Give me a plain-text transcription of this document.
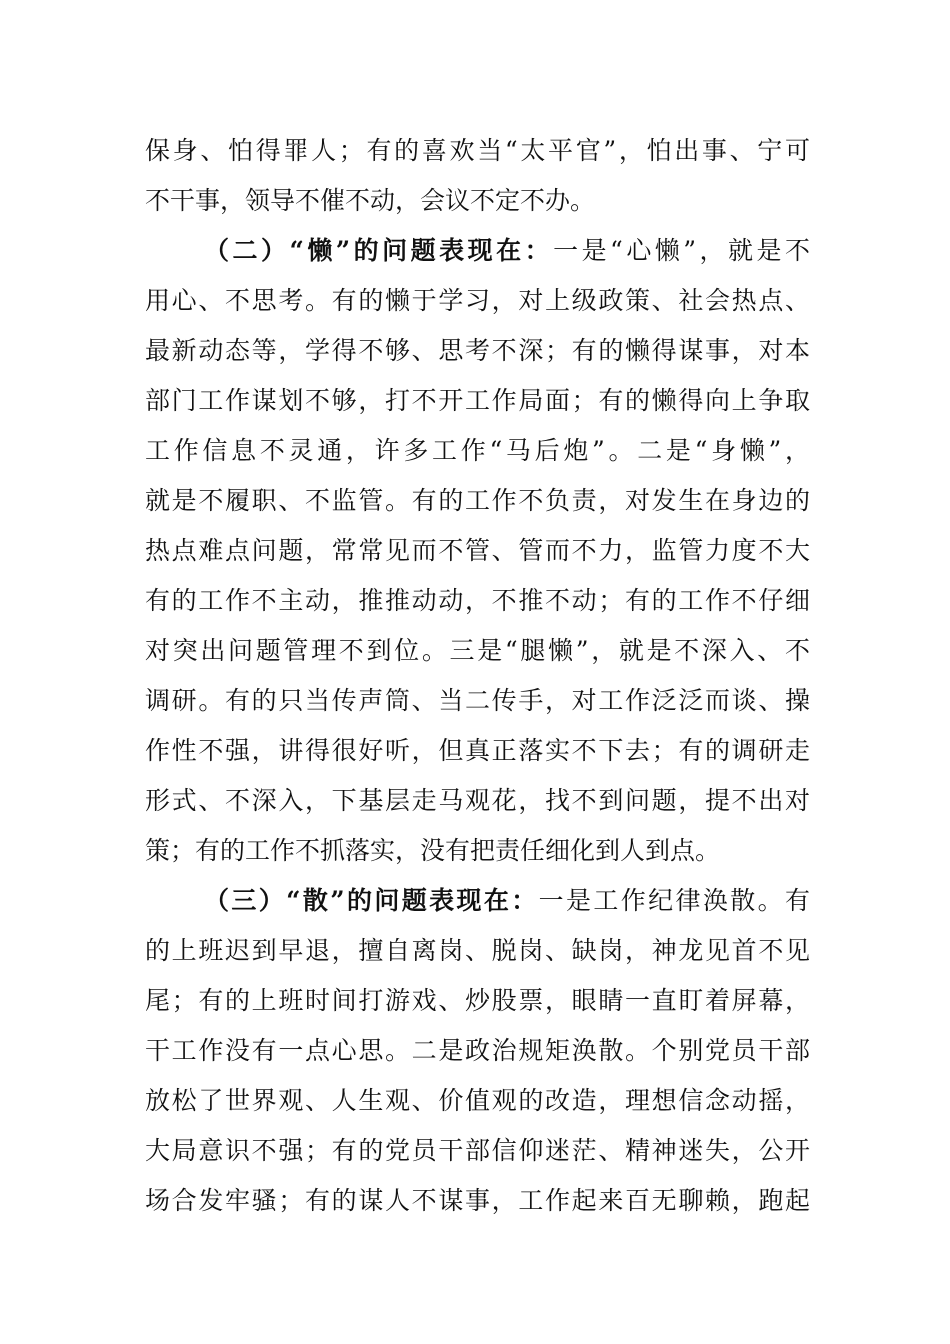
保身、怕得罪人；有的喜欢当“太平官”，怕出事、宁可
不干事，领导不催不动，会议不定不办。
（二）“懒”的问题表现在：一是“心懒”，就是不
用心、不思考。有的懒于学习，对上级政策、社会热点、
最新动态等，学得不够、思考不深；有的懒得谋事，对本
部门工作谋划不够，打不开工作局面；有的懒得向上争取
工作信息不灵通，许多工作“马后炮”。二是“身懒”，
就是不履职、不监管。有的工作不负责，对发生在身边的
热点难点问题，常常见而不管、管而不力，监管力度不大
有的工作不主动，推推动动，不推不动；有的工作不仔细
对突出问题管理不到位。三是“腿懒”，就是不深入、不
调研。有的只当传声筒、当二传手，对工作泛泛而谈、操
作性不强，讲得很好听，但真正落实不下去；有的调研走
形式、不深入，下基层走马观花，找不到问题，提不出对
策；有的工作不抓落实，没有把责任细化到人到点。
（三）“散”的问题表现在：一是工作纪律涣散。有
的上班迟到早退，擅自离岗、脱岗、缺岗，神龙见首不见
尾；有的上班时间打游戏、炒股票，眼睛一直盯着屏幕，
干工作没有一点心思。二是政治规矩涣散。个别党员干部
放松了世界观、人生观、价值观的改造，理想信念动摇，
大局意识不强；有的党员干部信仰迷茫、精神迷失，公开
场合发牢骚；有的谋人不谋事，工作起来百无聊赖，跑起
